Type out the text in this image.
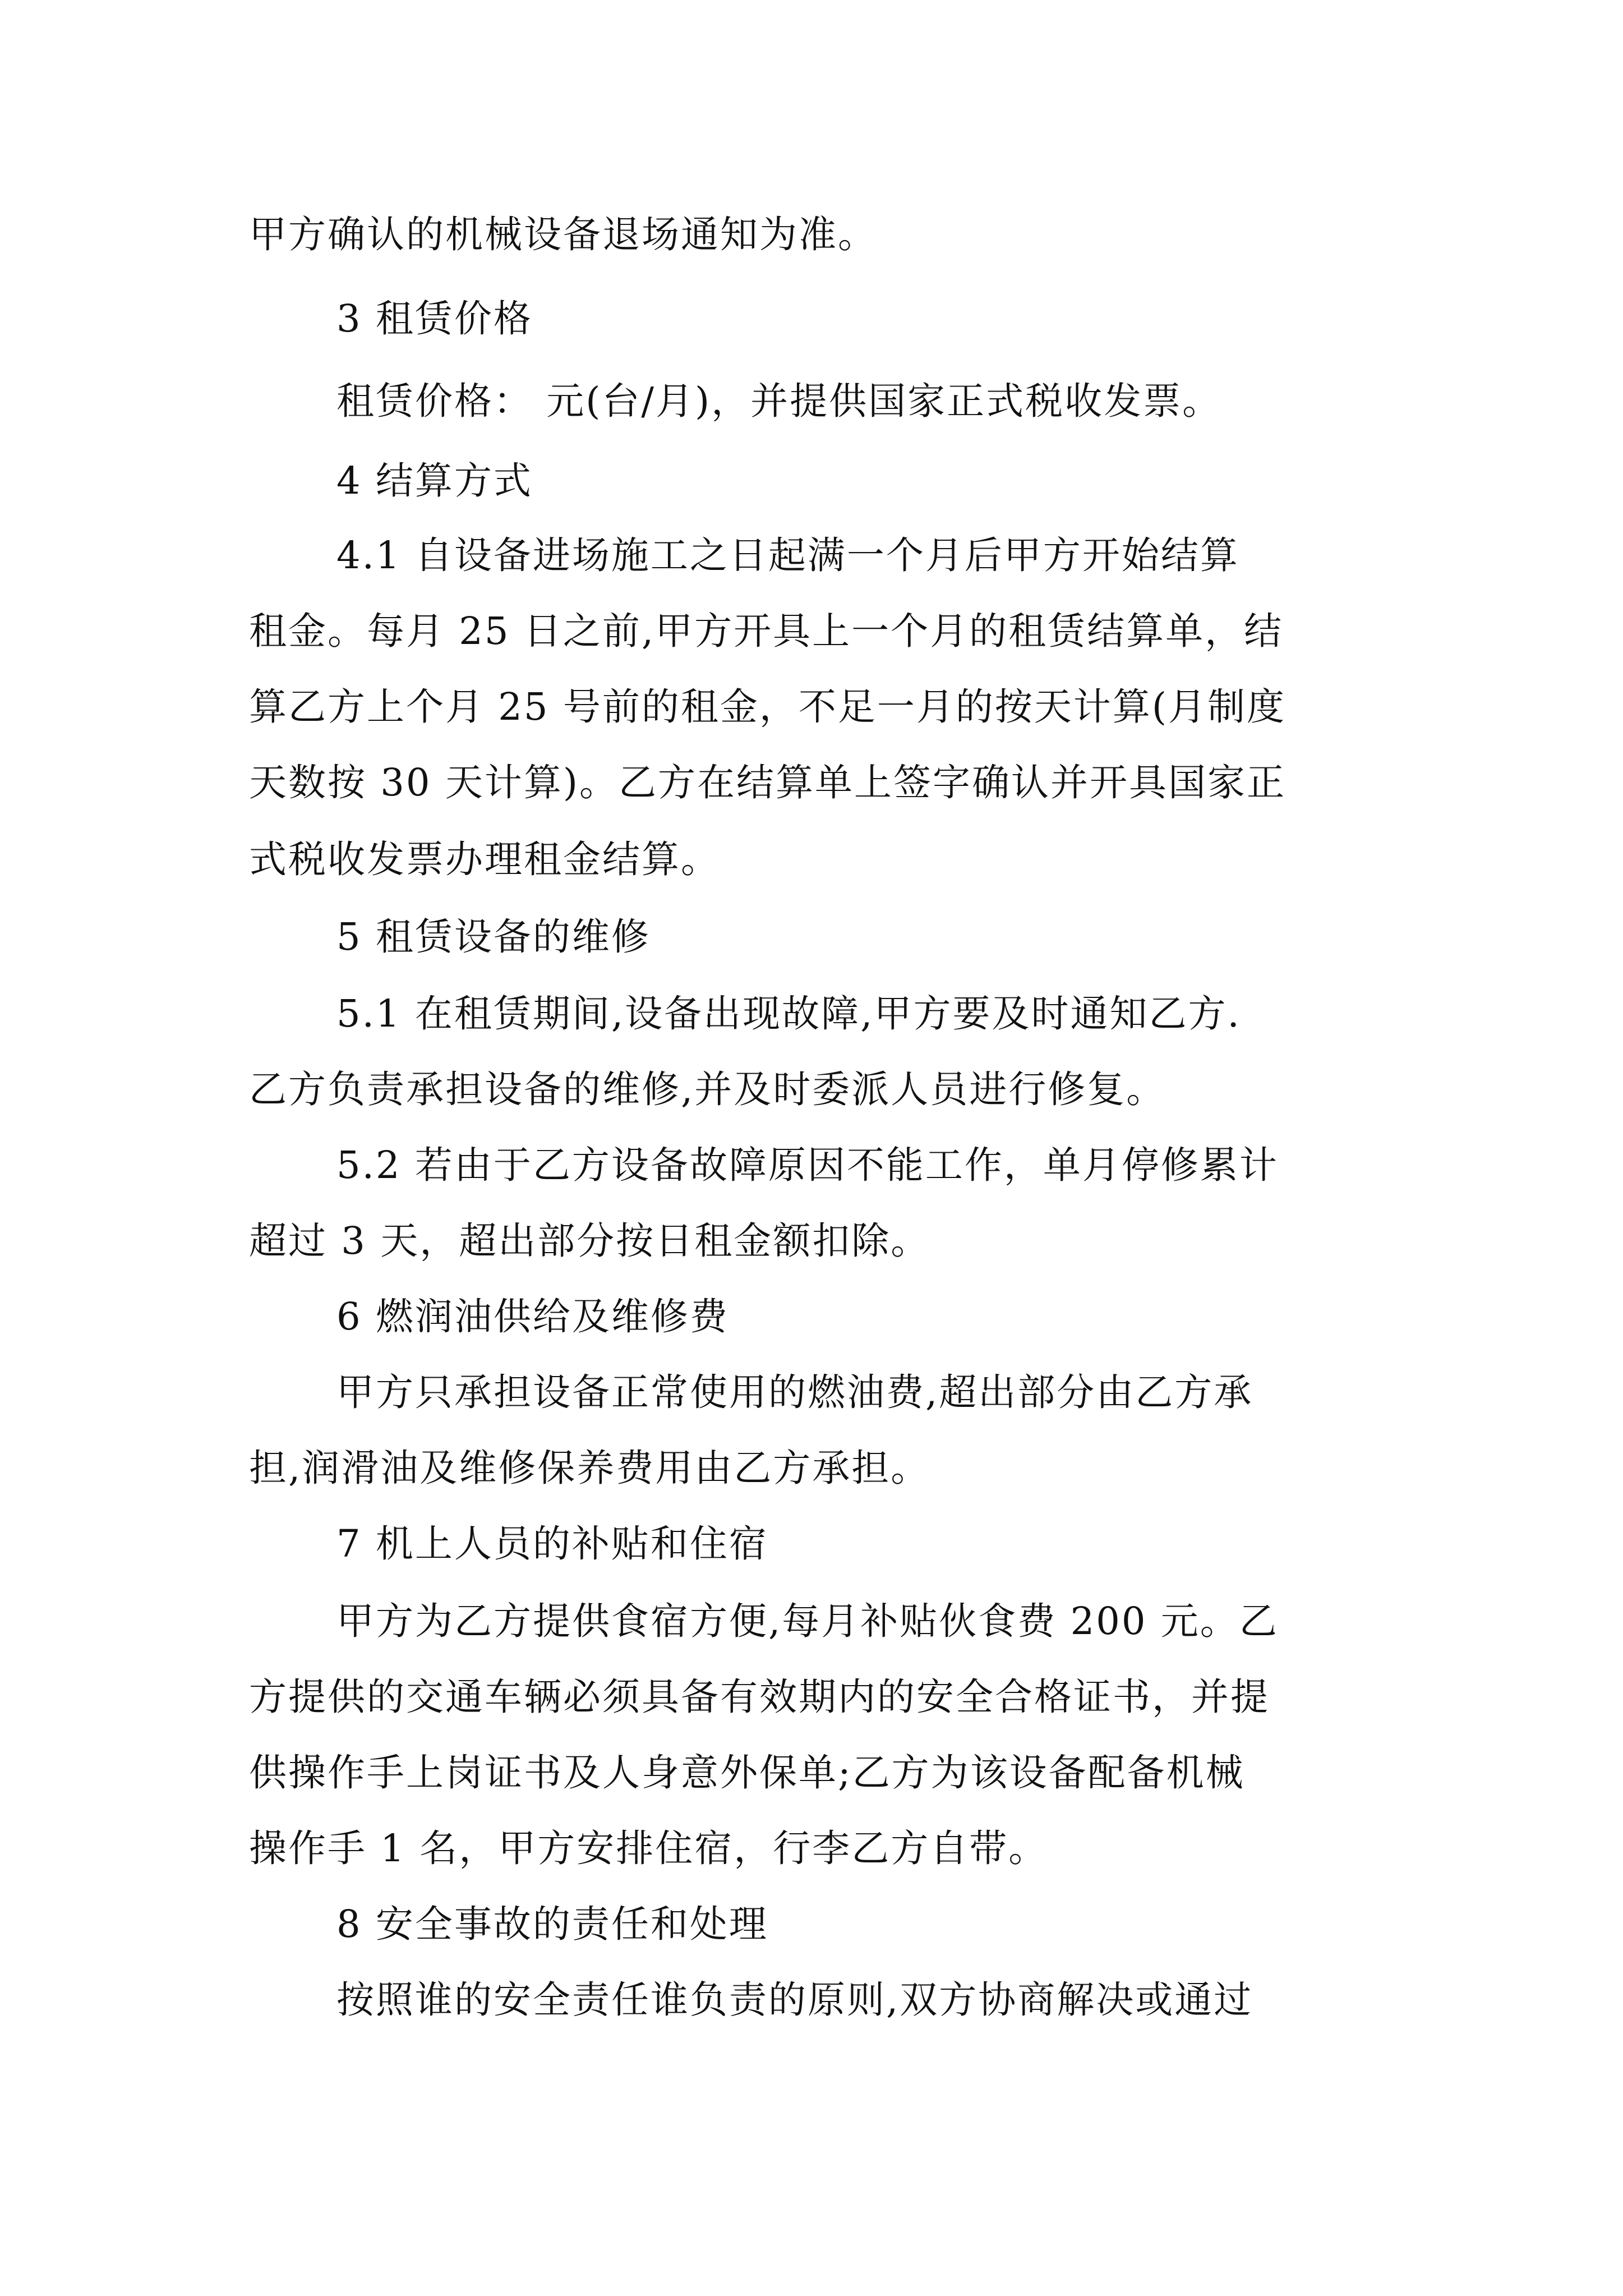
甲方确认的机械设备退场通知为准。
3 租赁价格
租赁价格： 元(台/月)，并提供国家正式税收发票。
4 结算方式
4.1 自设备进场施工之日起满一个月后甲方开始结算
租金。每月 25 日之前,甲方开具上一个月的租赁结算单，结
算乙方上个月 25 号前的租金，不足一月的按天计算(月制度
天数按 30 天计算)。乙方在结算单上签字确认并开具国家正
式税收发票办理租金结算。
5 租赁设备的维修
5.1 在租赁期间,设备出现故障,甲方要及时通知乙方.
乙方负责承担设备的维修,并及时委派人员进行修复。
5.2 若由于乙方设备故障原因不能工作，单月停修累计
超过 3 天，超出部分按日租金额扣除。
6 燃润油供给及维修费
甲方只承担设备正常使用的燃油费,超出部分由乙方承
担,润滑油及维修保养费用由乙方承担。
7 机上人员的补贴和住宿
甲方为乙方提供食宿方便,每月补贴伙食费 200 元。乙
方提供的交通车辆必须具备有效期内的安全合格证书，并提
供操作手上岗证书及人身意外保单;乙方为该设备配备机械
操作手 1 名，甲方安排住宿，行李乙方自带。
8 安全事故的责任和处理
按照谁的安全责任谁负责的原则,双方协商解决或通过
